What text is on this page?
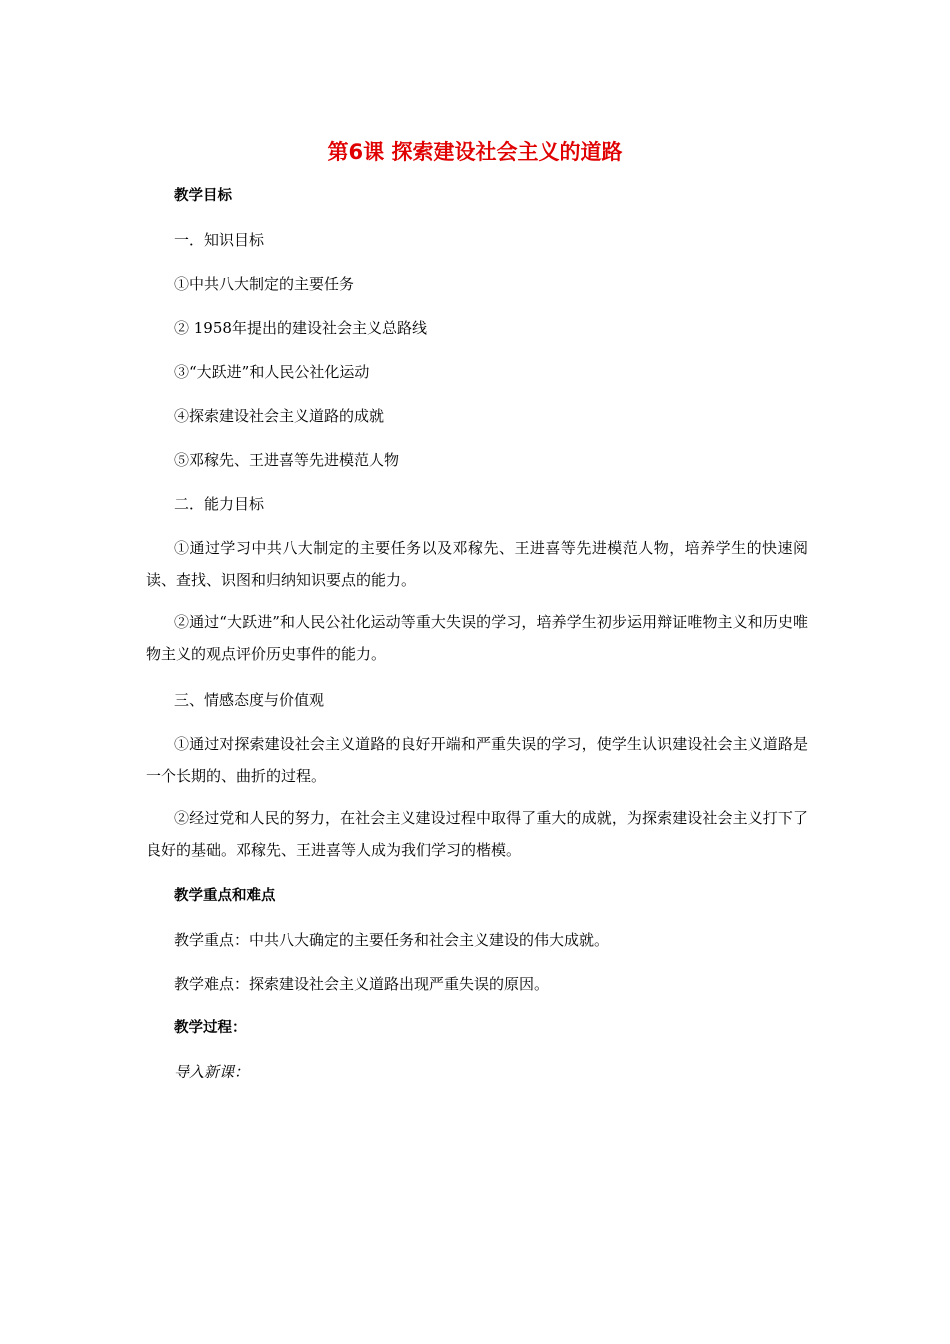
第6课 探索建设社会主义的道路

教学目标

一．知识目标

①中共八大制定的主要任务

② 1958年提出的建设社会主义总路线

③“大跃进”和人民公社化运动

④探索建设社会主义道路的成就

⑤邓稼先、王进喜等先进模范人物

二．能力目标

①通过学习中共八大制定的主要任务以及邓稼先、王进喜等先进模范人物，培养学生的快速阅读、查找、识图和归纳知识要点的能力。

②通过“大跃进”和人民公社化运动等重大失误的学习，培养学生初步运用辩证唯物主义和历史唯物主义的观点评价历史事件的能力。

三、情感态度与价值观

①通过对探索建设社会主义道路的良好开端和严重失误的学习，使学生认识建设社会主义道路是一个长期的、曲折的过程。

②经过党和人民的努力，在社会主义建设过程中取得了重大的成就，为探索建设社会主义打下了良好的基础。邓稼先、王进喜等人成为我们学习的楷模。

教学重点和难点

教学重点：中共八大确定的主要任务和社会主义建设的伟大成就。

教学难点：探索建设社会主义道路出现严重失误的原因。

教学过程：

导入新课：
